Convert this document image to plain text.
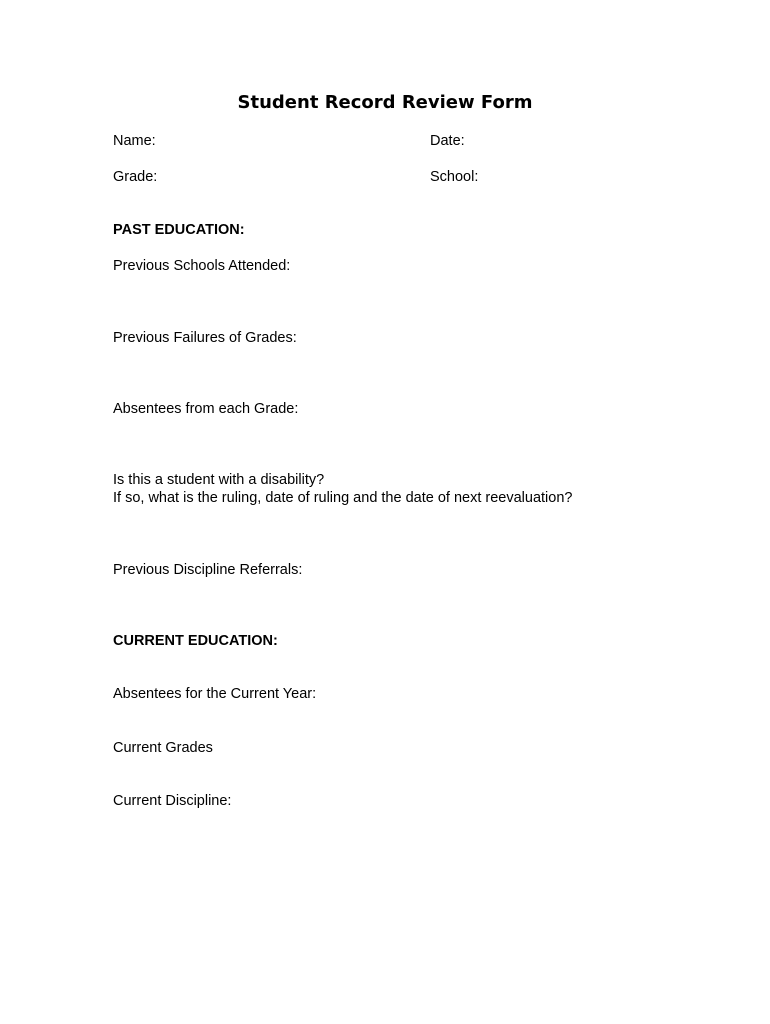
Student Record Review Form
Name:	Date:
Grade:	School:
PAST EDUCATION:
Previous Schools Attended:
Previous Failures of Grades:
Absentees from each Grade:
Is this a student with a disability?
If so, what is the ruling, date of ruling and the date of next reevaluation?
Previous Discipline Referrals:
CURRENT EDUCATION:
Absentees for the Current Year:
Current Grades
Current Discipline:
